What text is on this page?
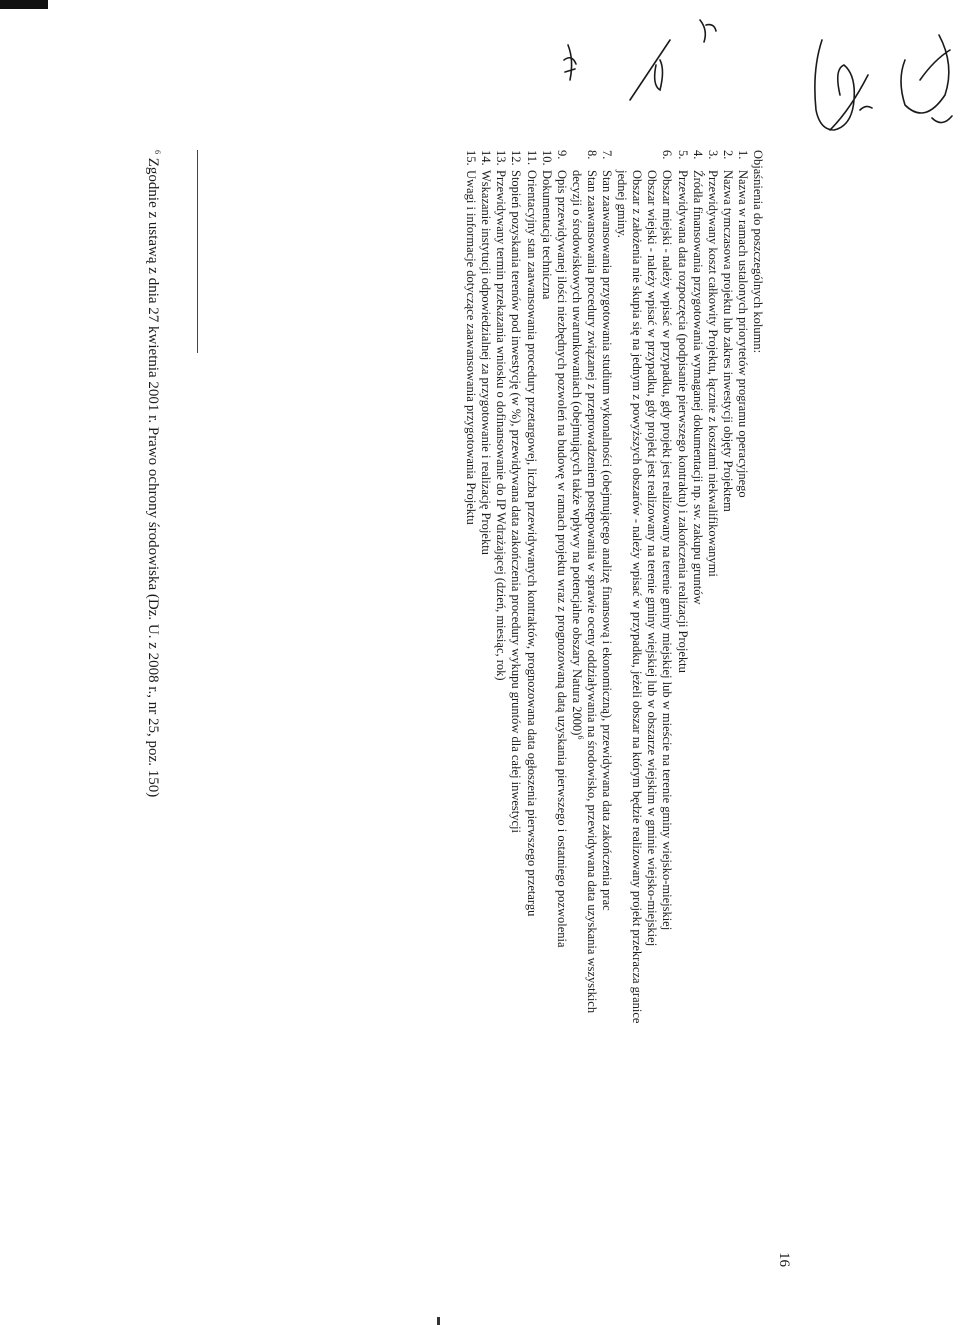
Objaśnienia do poszczególnych kolumn:
1.Nazwa w ramach ustalonych priorytetów programu operacyjnego
2.Nazwa tymczasowa projektu lub zakres inwestycji objęty Projektem
3.Przewidywany koszt całkowity Projektu, łącznie z kosztami niekwalifikowanymi
4.Źródła finansowania przygotowania wymaganej dokumentacji np. sw. zakupu gruntów
5.Przewidywana data rozpoczęcia (podpisanie pierwszego kontraktu) i zakończenia realizacji Projektu
6.Obszar miejski - należy wpisać w przypadku, gdy projekt jest realizowany na terenie gminy miejskiej lub w mieście na terenie gminy wiejsko-miejskiej
Obszar wiejski - należy wpisać w przypadku, gdy projekt jest realizowany na terenie gminy wiejskiej lub w obszarze wiejskim w gminie wiejsko-miejskiej
Obszar z założenia nie skupia się na jednym z powyższych obszarów - należy wpisać w przypadku, jeżeli obszar na którym będzie realizowany projekt przekracza granice
jednej gminy.
7.Stan zaawansowania przygotowania studium wykonalności (obejmującego analizę finansową i ekonomiczną), przewidywana data zakończenia prac
8.Stan zaawansowania procedury związanej z przeprowadzeniem postępowania w sprawie oceny oddziaływania na środowisko, przewidywana data uzyskania wszystkich
decyzji o środowiskowych uwarunkowaniach (obejmujących także wpływy na potencjalne obszary Natura 2000)$^6$
9.Opis przewidywanej ilości niezbędnych pozwoleń na budowę w ramach projektu wraz z prognozowaną datą uzyskania pierwszego i ostatniego pozwolenia
10.Dokumentacja techniczna
11.Orientacyjny stan zaawansowania procedury przetargowej, liczba przewidywanych kontraktów, prognozowana data ogłoszenia pierwszego przetargu
12.Stopień pozyskania terenów pod inwestycję (w %), przewidywana data zakończenia procedury wykupu gruntów dla całej inwestycji
13.Przewidywany termin przekazania wniosku o dofinansowanie do IP Wdrażającej (dzień, miesiąc, rok)
14.Wskazanie instytucji odpowiedzialnej za przygotowanie i realizację Projektu
15.Uwagi i informacje dotyczące zaawansowania przygotowania Projektu
$^6$ Zgodnie z ustawą z dnia 27 kwietnia 2001 r. Prawo ochrony środowiska (Dz. U. z 2008 r., nr 25, poz. 150)
16
